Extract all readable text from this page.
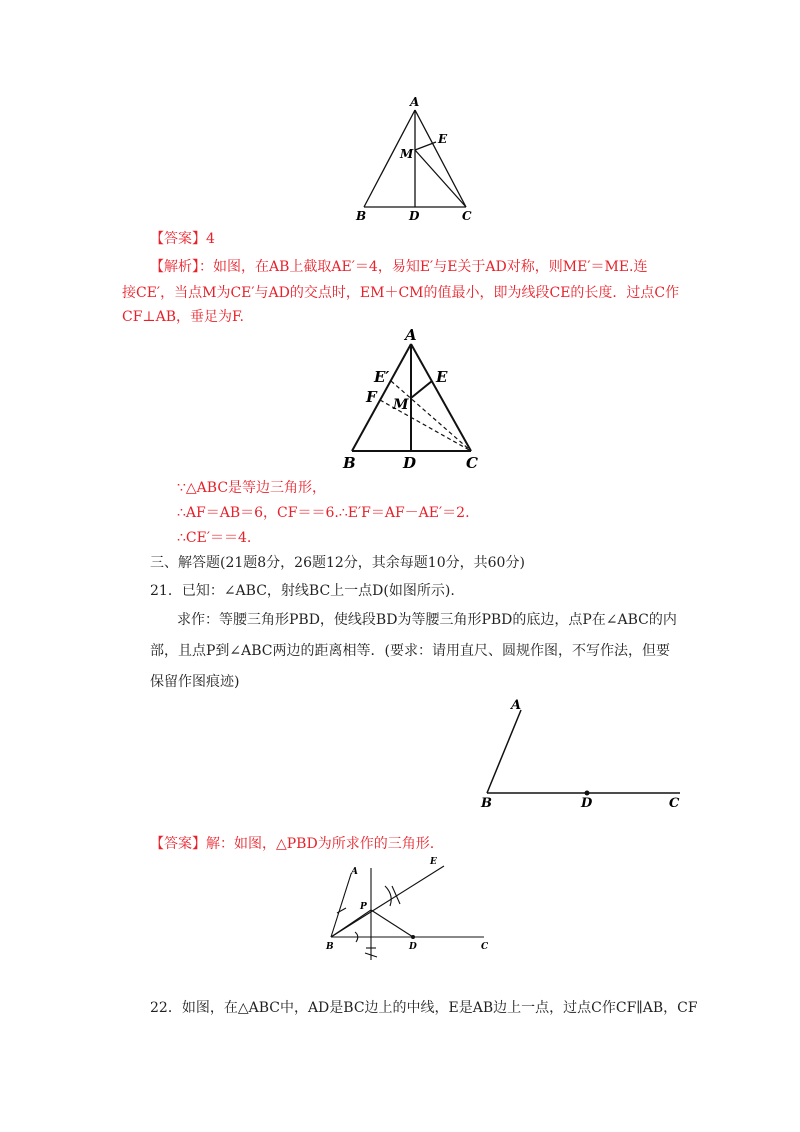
A
E
M
B	D	C
【答案】4
【解析】：如图，在AB上截取AE′＝4，易知E′与E关于AD对称，则ME′＝ME.连
接CE′，当点M为CE′与AD的交点时，EM＋CM的值最小，即为线段CE的长度．过点C作
CF⊥AB，垂足为F.
A
E′	E
F M
B	D	C
∵△ABC是等边三角形，
∴AF＝AB＝6，CF＝＝6.∴E′F＝AF－AE′＝2.
∴CE′＝＝4.
三、解答题(21题8分，26题12分，其余每题10分，共60分)
21．已知：∠ABC，射线BC上一点D(如图所示).
求作：等腰三角形PBD，使线段BD为等腰三角形PBD的底边，点P在∠ABC的内
部，且点P到∠ABC两边的距离相等．(要求：请用直尺、圆规作图，不写作法，但要
保留作图痕迹)
A
B	D	C
【答案】解：如图，△PBD为所求作的三角形.
A
E
P
B	D	C
22．如图，在△ABC中，AD是BC边上的中线，E是AB边上一点，过点C作CF∥AB，CF
